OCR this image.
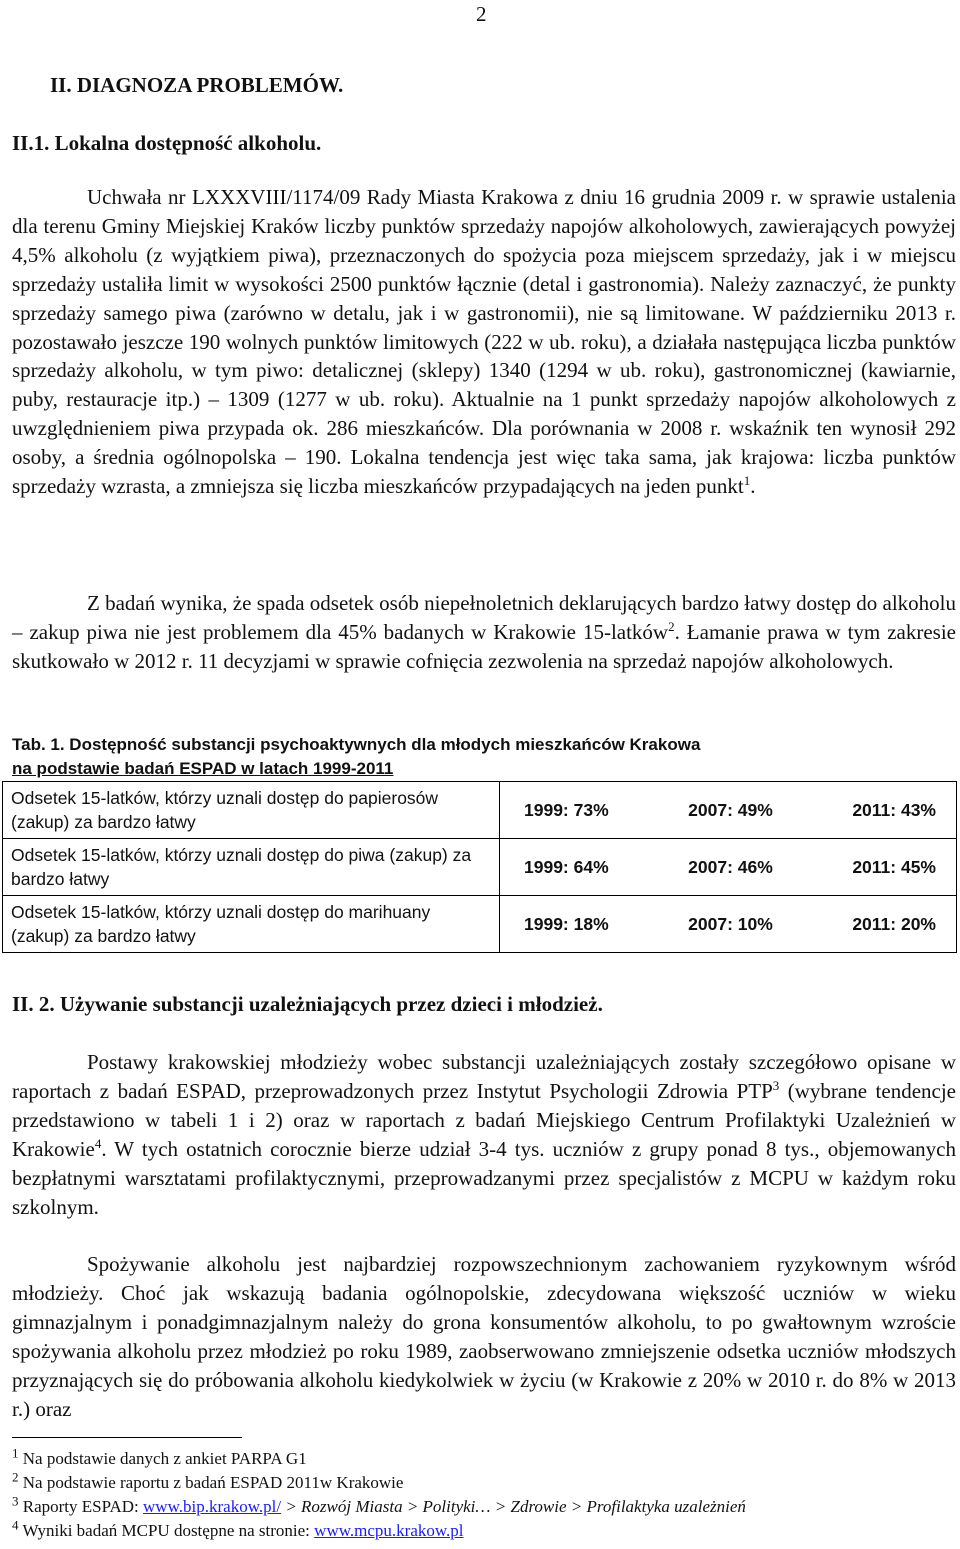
2
II. DIAGNOZA PROBLEMÓW.
II.1. Lokalna dostępność alkoholu.

Uchwała nr LXXXVIII/1174/09 Rady Miasta Krakowa z dniu 16 grudnia 2009 r. w sprawie ustalenia dla terenu Gminy Miejskiej Kraków liczby punktów sprzedaży napojów alkoholowych, zawierających powyżej 4,5% alkoholu (z wyjątkiem piwa), przeznaczonych do spożycia poza miejscem sprzedaży, jak i w miejscu sprzedaży ustaliła limit w wysokości 2500 punktów łącznie (detal i gastronomia). Należy zaznaczyć, że punkty sprzedaży samego piwa (zarówno w detalu, jak i w gastronomii), nie są limitowane. W październiku 2013 r. pozostawało jeszcze 190 wolnych punktów limitowych (222 w ub. roku), a działała następująca liczba punktów sprzedaży alkoholu, w tym piwo: detalicznej (sklepy) 1340 (1294 w ub. roku), gastronomicznej (kawiarnie, puby, restauracje itp.) – 1309 (1277 w ub. roku). Aktualnie na 1 punkt sprzedaży napojów alkoholowych z uwzględnieniem piwa przypada ok. 286 mieszkańców. Dla porównania w 2008 r. wskaźnik ten wynosił 292 osoby, a średnia ogólnopolska – 190. Lokalna tendencja jest więc taka sama, jak krajowa: liczba punktów sprzedaży wzrasta, a zmniejsza się liczba mieszkańców przypadających na jeden punkt$^1$.

Z badań wynika, że spada odsetek osób niepełnoletnich deklarujących bardzo łatwy dostęp do alkoholu – zakup piwa nie jest problemem dla 45% badanych w Krakowie 15-latków$^2$. Łamanie prawa w tym zakresie skutkowało w 2012 r. 11 decyzjami w sprawie cofnięcia zezwolenia na sprzedaż napojów alkoholowych.

Tab. 1. Dostępność substancji psychoaktywnych dla młodych mieszkańców Krakowa
na podstawie badań ESPAD w latach 1999-2011
Odsetek 15-latków, którzy uznali dostęp do papierosów (zakup) za bardzo łatwy	1999: 73% 2007: 49% 2011: 43%

Odsetek 15-latków, którzy uznali dostęp do piwa (zakup) za bardzo łatwy	1999: 64% 2007: 46% 2011: 45%

Odsetek 15-latków, którzy uznali dostęp do marihuany (zakup) za bardzo łatwy	1999: 18% 2007: 10% 2011: 20%
II. 2. Używanie substancji uzależniających przez dzieci i młodzież.

Postawy krakowskiej młodzieży wobec substancji uzależniających zostały szczegółowo opisane w raportach z badań ESPAD, przeprowadzonych przez Instytut Psychologii Zdrowia PTP$^3$ (wybrane tendencje przedstawiono w tabeli 1 i 2) oraz w raportach z badań Miejskiego Centrum Profilaktyki Uzależnień w Krakowie$^4$. W tych ostatnich corocznie bierze udział 3-4 tys. uczniów z grupy ponad 8 tys., objemowanych bezpłatnymi warsztatami profilaktycznymi, przeprowadzanymi przez specjalistów z MCPU w każdym roku szkolnym.

Spożywanie alkoholu jest najbardziej rozpowszechnionym zachowaniem ryzykownym wśród młodzieży. Choć jak wskazują badania ogólnopolskie, zdecydowana większość uczniów w wieku gimnazjalnym i ponadgimnazjalnym należy do grona konsumentów alkoholu, to po gwałtownym wzroście spożywania alkoholu przez młodzież po roku 1989, zaobserwowano zmniejszenie odsetka uczniów młodszych przyznających się do próbowania alkoholu kiedykolwiek w życiu (w Krakowie z 20% w 2010 r. do 8% w 2013 r.) oraz

$^1$ Na podstawie danych z ankiet PARPA G1
$^2$ Na podstawie raportu z badań ESPAD 2011w Krakowie
$^3$ Raporty ESPAD: www.bip.krakow.pl/ > Rozwój Miasta > Polityki… > Zdrowie > Profilaktyka uzależnień
$^4$ Wyniki badań MCPU dostępne na stronie: www.mcpu.krakow.pl
